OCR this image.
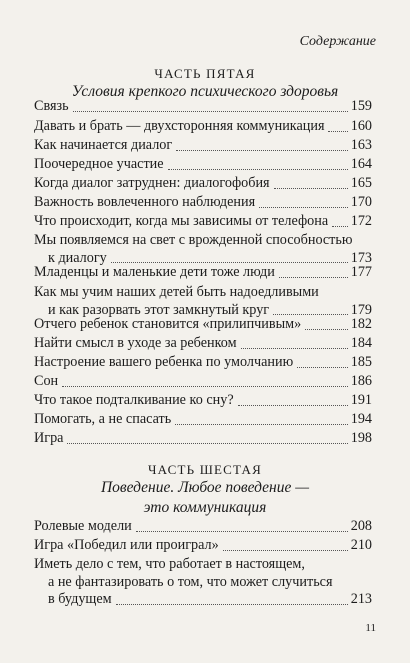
Содержание
ЧАСТЬ ПЯТАЯ
Условия крепкого психического здоровья
Связь	159
Давать и брать — двухсторонняя коммуникация 160
Как начинается диалог	163
Поочередное участие	164
Когда диалог затруднен: диалогофобия	165
Важность вовлеченного наблюдения	170
Что происходит, когда мы зависимы от телефона 172
Мы появляемся на свет с врожденной способностью
к диалогу	173
Младенцы и маленькие дети тоже люди	177
Как мы учим наших детей быть надоедливыми
и как разорвать этот замкнутый круг	179
Отчего ребенок становится «прилипчивым»	182
Найти смысл в уходе за ребенком	184
Настроение вашего ребенка по умолчанию	185
Сон	186
Что такое подталкивание ко сну?	191
Помогать, а не спасать	194
Игра	198
ЧАСТЬ ШЕСТАЯ
Поведение. Любое поведение —
это коммуникация
Ролевые модели	208
Игра «Победил или проиграл»	210
Иметь дело с тем, что работает в настоящем,
а не фантазировать о том, что может случиться
в будущем	213
11
